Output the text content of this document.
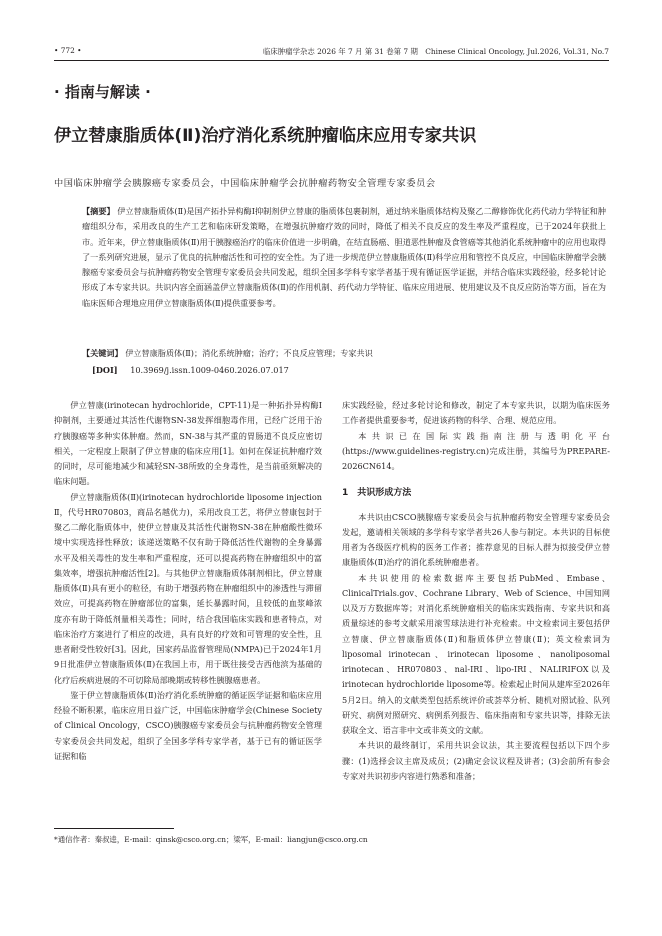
• 772 •	临床肿瘤学杂志 2026 年 7 月 第 31 卷第 7 期　Chinese Clinical Oncology, Jul.2026, Vol.31, No.7
· 指南与解读 ·
伊立替康脂质体(Ⅱ)治疗消化系统肿瘤临床应用专家共识
中国临床肿瘤学会胰腺癌专家委员会，中国临床肿瘤学会抗肿瘤药物安全管理专家委员会
【摘要】 伊立替康脂质体(Ⅱ)是国产拓扑异构酶Ⅰ抑制剂伊立替康的脂质体包裹制剂，通过纳米脂质体结构及聚乙二醇修饰优化药代动力学特征和肿瘤组织分布，采用改良的生产工艺和临床研发策略，在增强抗肿瘤疗效的同时，降低了相关不良反应的发生率及严重程度，已于2024年获批上市。近年来，伊立替康脂质体(Ⅱ)用于胰腺癌治疗的临床价值进一步明确，在结直肠癌、胆道恶性肿瘤及食管癌等其他消化系统肿瘤中的应用也取得了一系列研究进展，显示了优良的抗肿瘤活性和可控的安全性。为了进一步规范伊立替康脂质体(Ⅱ)科学应用和管控不良反应，中国临床肿瘤学会胰腺癌专家委员会与抗肿瘤药物安全管理专家委员会共同发起，组织全国多学科专家学者基于现有循证医学证据，并结合临床实践经验，经多轮讨论形成了本专家共识。共识内容全面涵盖伊立替康脂质体(Ⅱ)的作用机制、药代动力学特征、临床应用进展、使用建议及不良反应防治等方面，旨在为临床医师合理地应用伊立替康脂质体(Ⅱ)提供重要参考。
【关键词】 伊立替康脂质体(Ⅱ)；消化系统肿瘤；治疗；不良反应管理；专家共识
[DOI] 10.3969/j.issn.1009-0460.2026.07.017

伊立替康(irinotecan hydrochloride，CPT-11)是一种拓扑异构酶Ⅰ抑制剂，主要通过其活性代谢物SN-38发挥细胞毒作用，已经广泛用于治疗胰腺癌等多种实体肿瘤。然而，SN-38与其严重的胃肠道不良反应密切相关，一定程度上限制了伊立替康的临床应用[1]。如何在保证抗肿瘤疗效的同时，尽可能地减少和减轻SN-38所致的全身毒性，是当前亟须解决的临床问题。

伊立替康脂质体(Ⅱ)(irinotecan hydrochloride liposome injection Ⅱ，代号HR070803，商品名越优力)，采用改良工艺，将伊立替康包封于聚乙二醇化脂质体中，使伊立替康及其活性代谢物SN-38在肿瘤酸性微环境中实现选择性释放；该递送策略不仅有助于降低活性代谢物的全身暴露水平及相关毒性的发生率和严重程度，还可以提高药物在肿瘤组织中的富集效率，增强抗肿瘤活性[2]。与其他伊立替康脂质体制剂相比，伊立替康脂质体(Ⅱ)具有更小的粒径，有助于增强药物在肿瘤组织中的渗透性与滞留效应，可提高药物在肿瘤部位的富集，延长暴露时间，且较低的血浆峰浓度亦有助于降低剂量相关毒性；同时，结合我国临床实践和患者特点，对临床治疗方案进行了相应的改进，具有良好的疗效和可管理的安全性，且患者耐受性较好[3]。因此，国家药品监督管理局(NMPA)已于2024年1月9日批准伊立替康脂质体(Ⅱ)在我国上市，用于既往接受吉西他滨为基础的化疗后疾病进展的不可切除局部晚期或转移性胰腺癌患者。

鉴于伊立替康脂质体(Ⅱ)治疗消化系统肿瘤的循证医学证据和临床应用经验不断积累，临床应用日益广泛，中国临床肿瘤学会(Chinese Society of Clinical Oncology，CSCO)胰腺癌专家委员会与抗肿瘤药物安全管理专家委员会共同发起，组织了全国多学科专家学者，基于已有的循证医学证据和临

床实践经验，经过多轮讨论和修改，制定了本专家共识，以期为临床医务工作者提供重要参考，促进该药物的科学、合理、规范应用。

本共识已在国际实践指南注册与透明化平台(https://www.guidelines-registry.cn)完成注册，其编号为PREPARE-2026CN614。

1　共识形成方法

本共识由CSCO胰腺癌专家委员会与抗肿瘤药物安全管理专家委员会发起，邀请相关领域的多学科专家学者共26人参与制定。本共识的目标使用者为各级医疗机构的医务工作者；推荐意见的目标人群为拟接受伊立替康脂质体(Ⅱ)治疗的消化系统肿瘤患者。

本共识使用的检索数据库主要包括PubMed、Embase、ClinicalTrials.gov、Cochrane Library、Web of Science、中国知网以及万方数据库等；对消化系统肿瘤相关的临床实践指南、专家共识和高质量综述的参考文献采用滚雪球法进行补充检索。中文检索词主要包括伊立替康、伊立替康脂质体(Ⅱ)和脂质体伊立替康(Ⅱ)；英文检索词为liposomal irinotecan、irinotecan liposome、nanoliposomal irinotecan、HR070803、nal-IRI、lipo-IRI、NALIRIFOX以及irinotecan hydrochloride liposome等。检索起止时间从建库至2026年5月2日。纳入的文献类型包括系统评价或荟萃分析、随机对照试验、队列研究、病例对照研究、病例系列报告、临床指南和专家共识等，排除无法获取全文、语言非中文或非英文的文献。

本共识的最终制订，采用共识会议法，其主要流程包括以下四个步骤：(1)选择会议主席及成员；(2)确定会议议程及讲者；(3)会前所有参会专家对共识初步内容进行熟悉和准备；

*通信作者：秦叔逵，E-mail：qinsk@csco.org.cn；梁军，E-mail：liangjun@csco.org.cn
